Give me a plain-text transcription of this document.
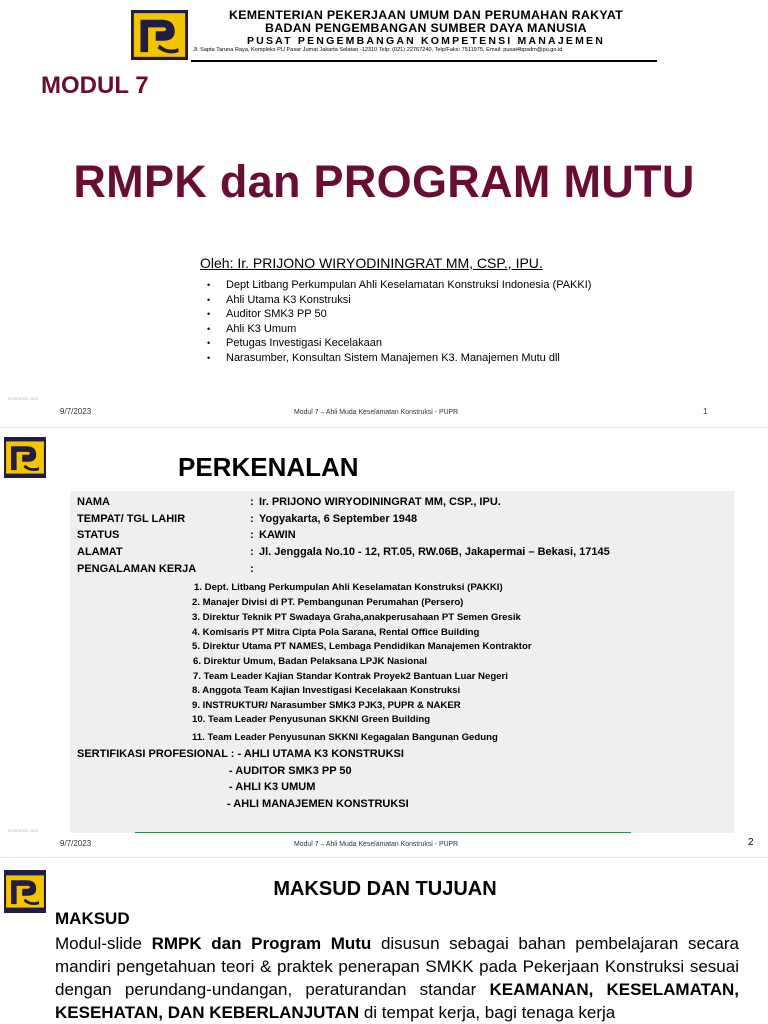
KEMENTERIAN PEKERJAAN UMUM DAN PERUMAHAN RAKYAT
BADAN PENGEMBANGAN SUMBER DAYA MANUSIA
PUSAT PENGEMBANGAN KOMPETENSI MANAJEMEN
Jl. Sapta Taruna Raya, Kompleks PU Pasar Jumat Jakarta Selatan -12310 Telp: (021) 22767240, Telp/Faks: 7511975, Email: pusat4bpsdm@pu.go.id
MODUL 7
RMPK dan PROGRAM MUTU
Oleh: Ir. PRIJONO WIRYODININGRAT MM, CSP., IPU.
• Dept Litbang Perkumpulan Ahli Keselamatan Konstruksi Indonesia (PAKKI)
• Ahli Utama K3 Konstruksi
• Auditor SMK3 PP 50
• Ahli K3 Umum
• Petugas Investigasi Kecelakaan
• Narasumber, Konsultan Sistem Manajemen K3. Manajemen Mutu dll
BUSINESS 2023
9/7/2023	Modul 7 – Ahli Muda Keselamatan Konstruksi - PUPR	1
PERKENALAN
NAMA	: Ir. PRIJONO WIRYODININGRAT MM, CSP., IPU.
TEMPAT/ TGL LAHIR	: Yogyakarta, 6 September 1948
STATUS	: KAWIN
ALAMAT	: Jl. Jenggala No.10 - 12, RT.05, RW.06B, Jakapermai – Bekasi, 17145
PENGALAMAN KERJA	:
1. Dept. Litbang Perkumpulan Ahli Keselamatan Konstruksi (PAKKI)
2. Manajer Divisi di PT. Pembangunan Perumahan (Persero)
3. Direktur Teknik PT Swadaya Graha,anakperusahaan PT Semen Gresik
4. Komisaris PT Mitra Cipta Pola Sarana, Rental Office Building
5. Direktur Utama PT NAMES, Lembaga Pendidikan Manajemen Kontraktor
6. Direktur Umum, Badan Pelaksana LPJK Nasional
7. Team Leader Kajian Standar Kontrak Proyek2 Bantuan Luar Negeri
8. Anggota Team Kajian Investigasi Kecelakaan Konstruksi
9. INSTRUKTUR/ Narasumber SMK3 PJK3, PUPR & NAKER
10. Team Leader Penyusunan SKKNI Green Building
11. Team Leader Penyusunan SKKNI Kegagalan Bangunan Gedung
SERTIFIKASI PROFESIONAL : - AHLI UTAMA K3 KONSTRUKSI
- AUDITOR SMK3 PP 50
- AHLI K3 UMUM
- AHLI MANAJEMEN KONSTRUKSI
BUSINESS 2023
9/7/2023	Modul 7 – Ahli Muda Keselamatan Konstruksi - PUPR	2
MAKSUD DAN TUJUAN
MAKSUD
Modul-slide RMPK dan Program Mutu disusun sebagai bahan pembelajaran secara mandiri pengetahuan teori & praktek penerapan SMKK pada Pekerjaan Konstruksi sesuai dengan perundang-undangan, peraturandan standar KEAMANAN, KESELAMATAN, KESEHATAN, DAN KEBERLANJUTAN di tempat kerja, bagi tenaga kerja
